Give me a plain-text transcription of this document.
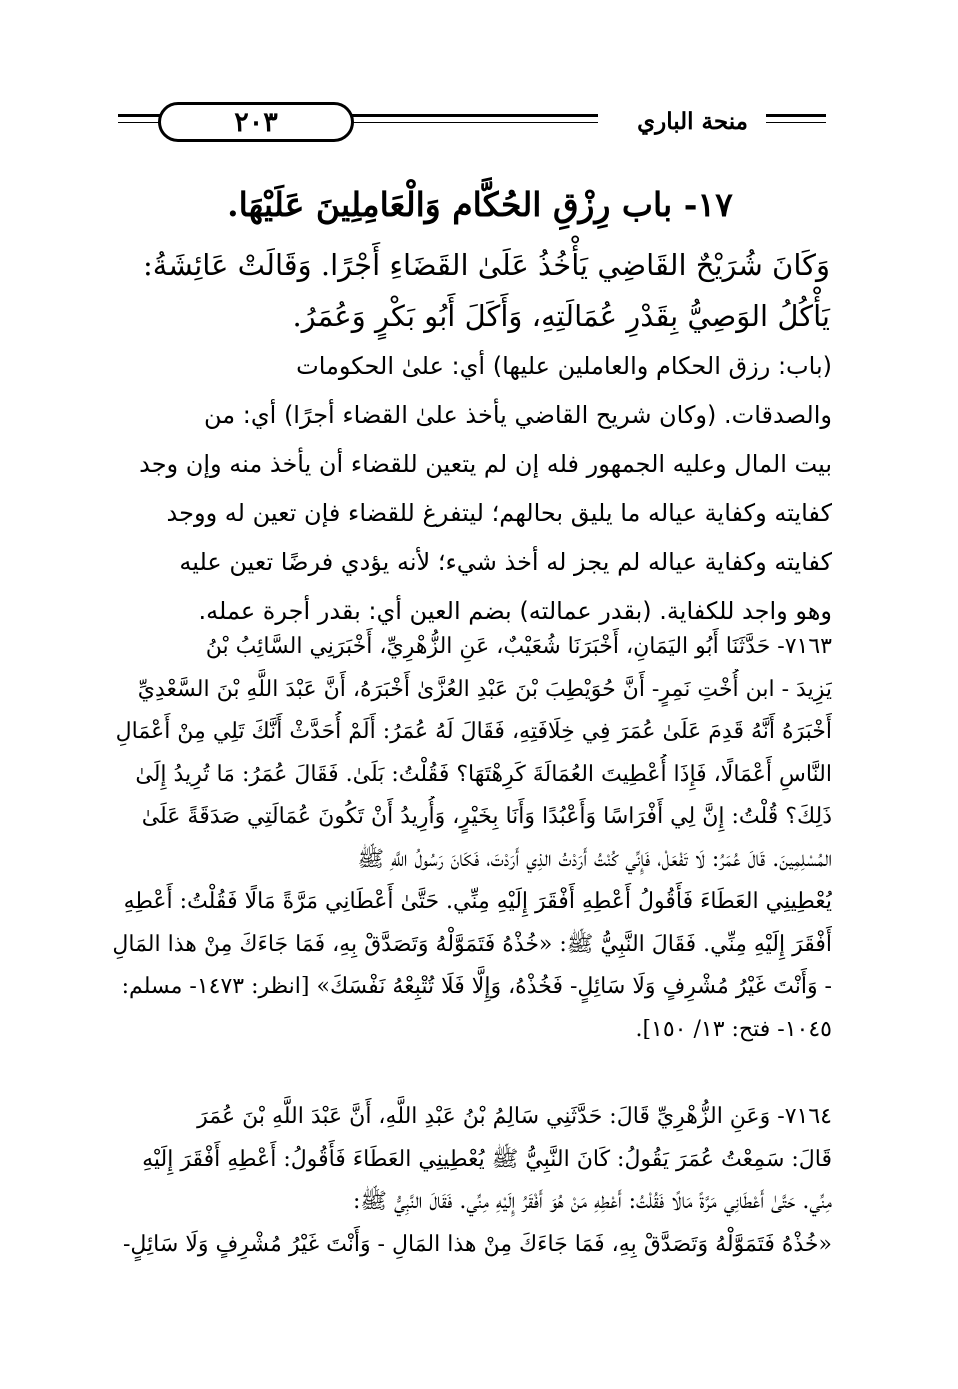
٢٠٣	منحة الباري
١٧- باب رِزْقِ الحُكَّام وَالْعَامِلِينَ عَلَيْهَا.
وَكَانَ شُرَيْحٌ القَاضِي يَأْخُذُ عَلَىٰ القَضَاءِ أَجْرًا. وَقَالَتْ عَائِشَةُ:
يَأْكُلُ الوَصِيُّ بِقَدْرِ عُمَالَتِهِ، وَأَكَلَ أَبُو بَكْرٍ وَعُمَرُ.
(باب: رزق الحكام والعاملين عليها) أي: علىٰ الحكومات
والصدقات. (وكان شريح القاضي يأخذ علىٰ القضاء أجرًا) أي: من
بيت المال وعليه الجمهور فله إن لم يتعين للقضاء أن يأخذ منه وإن وجد
كفايته وكفاية عياله ما يليق بحالهم؛ ليتفرغ للقضاء فإن تعين له ووجد
كفايته وكفاية عياله لم يجز له أخذ شيء؛ لأنه يؤدي فرضًا تعين عليه
وهو واجد للكفاية. (بقدر عمالته) بضم العين أي: بقدر أجرة عمله.
٧١٦٣- حَدَّثَنَا أَبُو اليَمَانِ، أَخْبَرَنَا شُعَيْبٌ، عَنِ الزُّهْرِيِّ، أَخْبَرَنِي السَّائِبُ بْنُ
يَزِيدَ - ابن أُخْتِ نَمِرٍ- أَنَّ حُوَيْطِبَ بْنَ عَبْدِ العُزَّىٰ أَخْبَرَهُ، أَنَّ عَبْدَ اللَّهِ بْنَ السَّعْدِيِّ
أَخْبَرَهُ أَنَّهُ قَدِمَ عَلَىٰ عُمَرَ فِي خِلَافَتِهِ، فَقَالَ لَهُ عُمَرُ: أَلَمْ أُحَدَّثْ أَنَّكَ تَلِي مِنْ أَعْمَالِ
النَّاسِ أَعْمَالًا، فَإِذَا أُعْطِيتَ العُمَالَةَ كَرِهْتَهَا؟ فَقُلْتُ: بَلَىٰ. فَقَالَ عُمَرُ: مَا تُرِيدُ إِلَىٰ
ذَلِكَ؟ قُلْتُ: إِنَّ لِي أَفْرَاسًا وَأَعْبُدًا وَأَنَا بِخَيْرٍ، وَأُرِيدُ أَنْ تَكُونَ عُمَالَتِي صَدَقَةً عَلَىٰ
المُسْلِمِينَ. قَالَ عُمَرُ: لَا تَفْعَلْ، فَإِنِّي كُنْتُ أَرَدْتُ الذِي أَرَدْتَ، فَكَانَ رَسُولُ اللَّهِ ﷺ
يُعْطِينِي العَطَاءَ فَأَقُولُ أَعْطِهِ أَفْقَرَ إِلَيْهِ مِنِّي. حَتَّىٰ أَعْطَانِي مَرَّةً مَالًا فَقُلْتُ: أَعْطِهِ
أَفْقَرَ إِلَيْهِ مِنِّي. فَقَالَ النَّبِيُّ ﷺ: «خُذْهُ فَتَمَوَّلْهُ وَتَصَدَّقْ بِهِ، فَمَا جَاءَكَ مِنْ هذا المَالِ
- وَأَنْتَ غَيْرُ مُشْرِفٍ وَلَا سَائِلٍ- فَخُذْهُ، وَإِلَّا فَلَا تُتْبِعْهُ نَفْسَكَ» [انظر: ١٤٧٣- مسلم:
١٠٤٥- فتح: ١٣/ ١٥٠].
٧١٦٤- وَعَنِ الزُّهْرِيِّ قَالَ: حَدَّثَنِي سَالِمُ بْنُ عَبْدِ اللَّهِ، أَنَّ عَبْدَ اللَّهِ بْنَ عُمَرَ
قَالَ: سَمِعْتُ عُمَرَ يَقُولُ: كَانَ النَّبِيُّ ﷺ يُعْطِينِي العَطَاءَ فَأَقُولُ: أَعْطِهِ أَفْقَرَ إِلَيْهِ
مِنِّي. حَتَّىٰ أَعْطَانِي مَرَّةً مَالًا فَقُلْتُ: أَعْطِهِ مَنْ هُوَ أَفْقَرُ إِلَيْهِ مِنِّي. فَقَالَ النَّبِيُّ ﷺ:
«خُذْهُ فَتَمَوَّلْهُ وَتَصَدَّقْ بِهِ، فَمَا جَاءَكَ مِنْ هذا المَالِ - وَأَنْتَ غَيْرُ مُشْرِفٍ وَلَا سَائِلٍ-
